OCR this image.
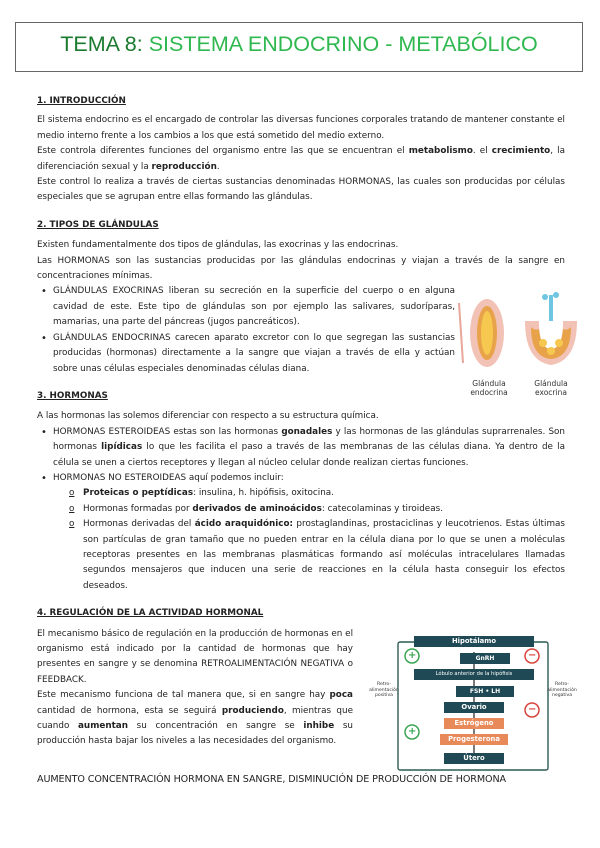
TEMA 8: SISTEMA ENDOCRINO - METABÓLICO

1. INTRODUCCIÓN

El sistema endocrino es el encargado de controlar las diversas funciones corporales tratando de mantener constante el medio interno frente a los cambios a los que está sometido del medio externo.

Este controla diferentes funciones del organismo entre las que se encuentran el metabolismo. el crecimiento, la diferenciación sexual y la reproducción.

Este control lo realiza a través de ciertas sustancias denominadas HORMONAS, las cuales son producidas por células especiales que se agrupan entre ellas formando las glándulas.

2. TIPOS DE GLÁNDULAS

Existen fundamentalmente dos tipos de glándulas, las exocrinas y las endocrinas.

Las HORMONAS son las sustancias producidas por las glándulas endocrinas y viajan a través de la sangre en concentraciones mínimas.

• GLÁNDULAS EXOCRINAS liberan su secreción en la superficie del cuerpo o en alguna cavidad de este. Este tipo de glándulas son por ejemplo las salivares, sudoríparas, mamarias, una parte del páncreas (jugos pancreáticos).
• GLÁNDULAS ENDOCRINAS carecen aparato excretor con lo que segregan las sustancias producidas (hormonas) directamente a la sangre que viajan a través de ella y actúan sobre unas células especiales denominadas células diana.

3. HORMONAS

A las hormonas las solemos diferenciar con respecto a su estructura química.

• HORMONAS ESTEROIDEAS estas son las hormonas gonadales y las hormonas de las glándulas suprarrenales. Son hormonas lipídicas lo que les facilita el paso a través de las membranas de las células diana. Ya dentro de la célula se unen a ciertos receptores y llegan al núcleo celular donde realizan ciertas funciones.
• HORMONAS NO ESTEROIDEAS aquí podemos incluir:
o Proteicas o peptídicas: insulina, h. hipófisis, oxitocina.
o Hormonas formadas por derivados de aminoácidos: catecolaminas y tiroideas.
o Hormonas derivadas del ácido araquidónico: prostaglandinas, prostaciclinas y leucotrienos. Estas últimas son partículas de gran tamaño que no pueden entrar en la célula diana por lo que se unen a moléculas receptoras presentes en las membranas plasmáticas formando así moléculas intracelulares llamadas segundos mensajeros que inducen una serie de reacciones en la célula hasta conseguir los efectos deseados.

4. REGULACIÓN DE LA ACTIVIDAD HORMONAL

El mecanismo básico de regulación en la producción de hormonas en el organismo está indicado por la cantidad de hormonas que hay presentes en sangre y se denomina RETROALIMENTACIÓN NEGATIVA o FEEDBACK.

Este mecanismo funciona de tal manera que, si en sangre hay poca cantidad de hormona, esta se seguirá produciendo, mientras que cuando aumentan su concentración en sangre se inhibe su producción hasta bajar los niveles a las necesidades del organismo.

AUMENTO CONCENTRACIÓN HORMONA EN SANGRE, DISMINUCIÓN DE PRODUCCIÓN DE HORMONA
Glándula
endocrina
Glándula
exocrina
Hipotálamo
GnRH
Lóbulo anterior de la hipófisis
FSH • LH
Ovario
Estrógeno
Progesterona
Útero
+
+
−
−
Retro-alimentación positiva
Retro-alimentación negativa
